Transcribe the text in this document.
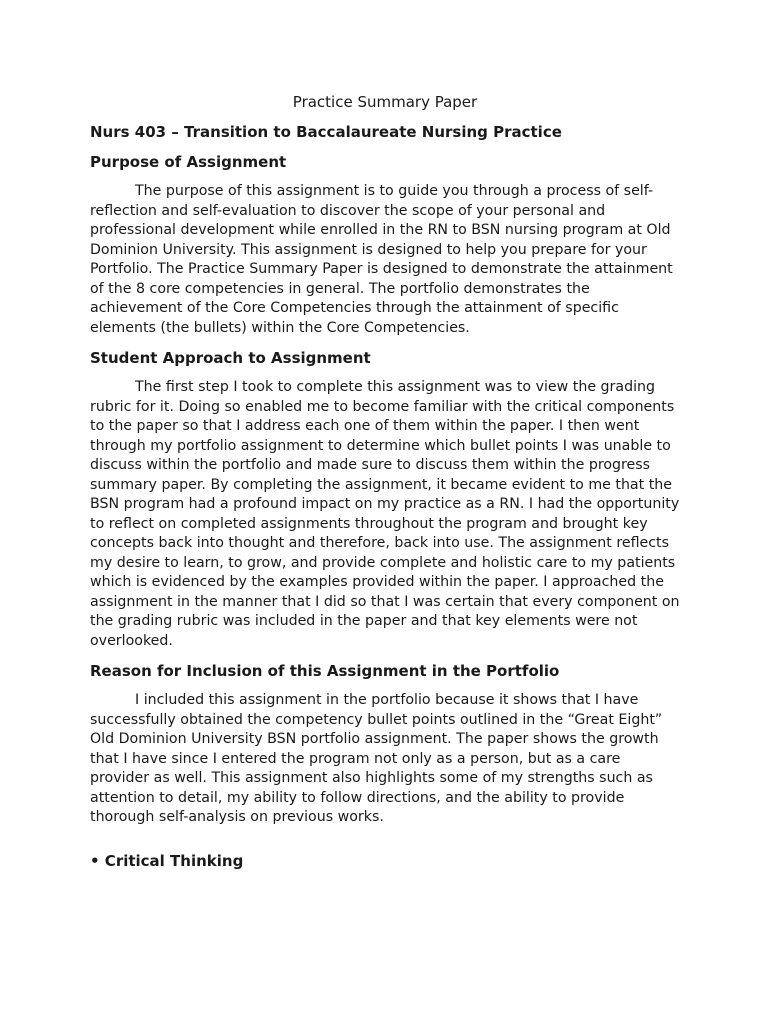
Practice Summary Paper
Nurs 403 – Transition to Baccalaureate Nursing Practice
Purpose of Assignment

The purpose of this assignment is to guide you through a process of self-reflection and self-evaluation to discover the scope of your personal and professional development while enrolled in the RN to BSN nursing program at Old Dominion University. This assignment is designed to help you prepare for your Portfolio. The Practice Summary Paper is designed to demonstrate the attainment of the 8 core competencies in general. The portfolio demonstrates the achievement of the Core Competencies through the attainment of specific elements (the bullets) within the Core Competencies.

Student Approach to Assignment

The first step I took to complete this assignment was to view the grading rubric for it. Doing so enabled me to become familiar with the critical components to the paper so that I address each one of them within the paper. I then went through my portfolio assignment to determine which bullet points I was unable to discuss within the portfolio and made sure to discuss them within the progress summary paper. By completing the assignment, it became evident to me that the BSN program had a profound impact on my practice as a RN. I had the opportunity to reflect on completed assignments throughout the program and brought key concepts back into thought and therefore, back into use. The assignment reflects my desire to learn, to grow, and provide complete and holistic care to my patients which is evidenced by the examples provided within the paper. I approached the assignment in the manner that I did so that I was certain that every component on the grading rubric was included in the paper and that key elements were not overlooked.

Reason for Inclusion of this Assignment in the Portfolio

I included this assignment in the portfolio because it shows that I have successfully obtained the competency bullet points outlined in the “Great Eight” Old Dominion University BSN portfolio assignment. The paper shows the growth that I have since I entered the program not only as a person, but as a care provider as well. This assignment also highlights some of my strengths such as attention to detail, my ability to follow directions, and the ability to provide thorough self-analysis on previous works.

• Critical Thinking
